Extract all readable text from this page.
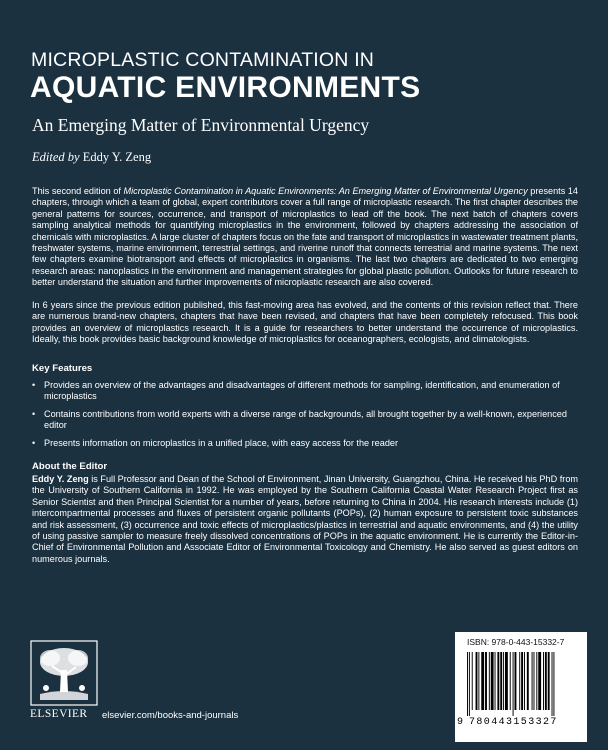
MICROPLASTIC CONTAMINATION IN
AQUATIC ENVIRONMENTS
An Emerging Matter of Environmental Urgency
Edited by Eddy Y. Zeng

This second edition of Microplastic Contamination in Aquatic Environments: An Emerging Matter of Environmental Urgency presents 14 chapters, through which a team of global, expert contributors cover a full range of microplastic research. The first chapter describes the general patterns for sources, occurrence, and transport of microplastics to lead off the book. The next batch of chapters covers sampling analytical methods for quantifying microplastics in the environment, followed by chapters addressing the association of chemicals with microplastics. A large cluster of chapters focus on the fate and transport of microplastics in wastewater treatment plants, freshwater systems, marine environment, terrestrial settings, and riverine runoff that connects terrestrial and marine systems. The next few chapters examine biotransport and effects of microplastics in organisms. The last two chapters are dedicated to two emerging research areas: nanoplastics in the environment and management strategies for global plastic pollution. Outlooks for future research to better understand the situation and further improvements of microplastic research are also covered.

In 6 years since the previous edition published, this fast-moving area has evolved, and the contents of this revision reflect that. There are numerous brand-new chapters, chapters that have been revised, and chapters that have been completely refocused. This book provides an overview of microplastics research. It is a guide for researchers to better understand the occurrence of microplastics. Ideally, this book provides basic background knowledge of microplastics for oceanographers, ecologists, and climatologists.

Key Features
• Provides an overview of the advantages and disadvantages of different methods for sampling, identification, and enumeration of microplastics
• Contains contributions from world experts with a diverse range of backgrounds, all brought together by a well-known, experienced editor
• Presents information on microplastics in a unified place, with easy access for the reader
About the Editor

Eddy Y. Zeng is Full Professor and Dean of the School of Environment, Jinan University, Guangzhou, China. He received his PhD from the University of Southern California in 1992. He was employed by the Southern California Coastal Water Research Project first as Senior Scientist and then Principal Scientist for a number of years, before returning to China in 2004. His research interests include (1) intercompartmental processes and fluxes of persistent organic pollutants (POPs), (2) human exposure to persistent toxic substances and risk assessment, (3) occurrence and toxic effects of microplastics/plastics in terrestrial and aquatic environments, and (4) the utility of using passive sampler to measure freely dissolved concentrations of POPs in the aquatic environment. He is currently the Editor-in-Chief of Environmental Pollution and Associate Editor of Environmental Toxicology and Chemistry. He also served as guest editors on numerous journals.

ELSEVIER elsevier.com/books-and-journals
ISBN: 978-0-443-15332-7
9 780443153327
